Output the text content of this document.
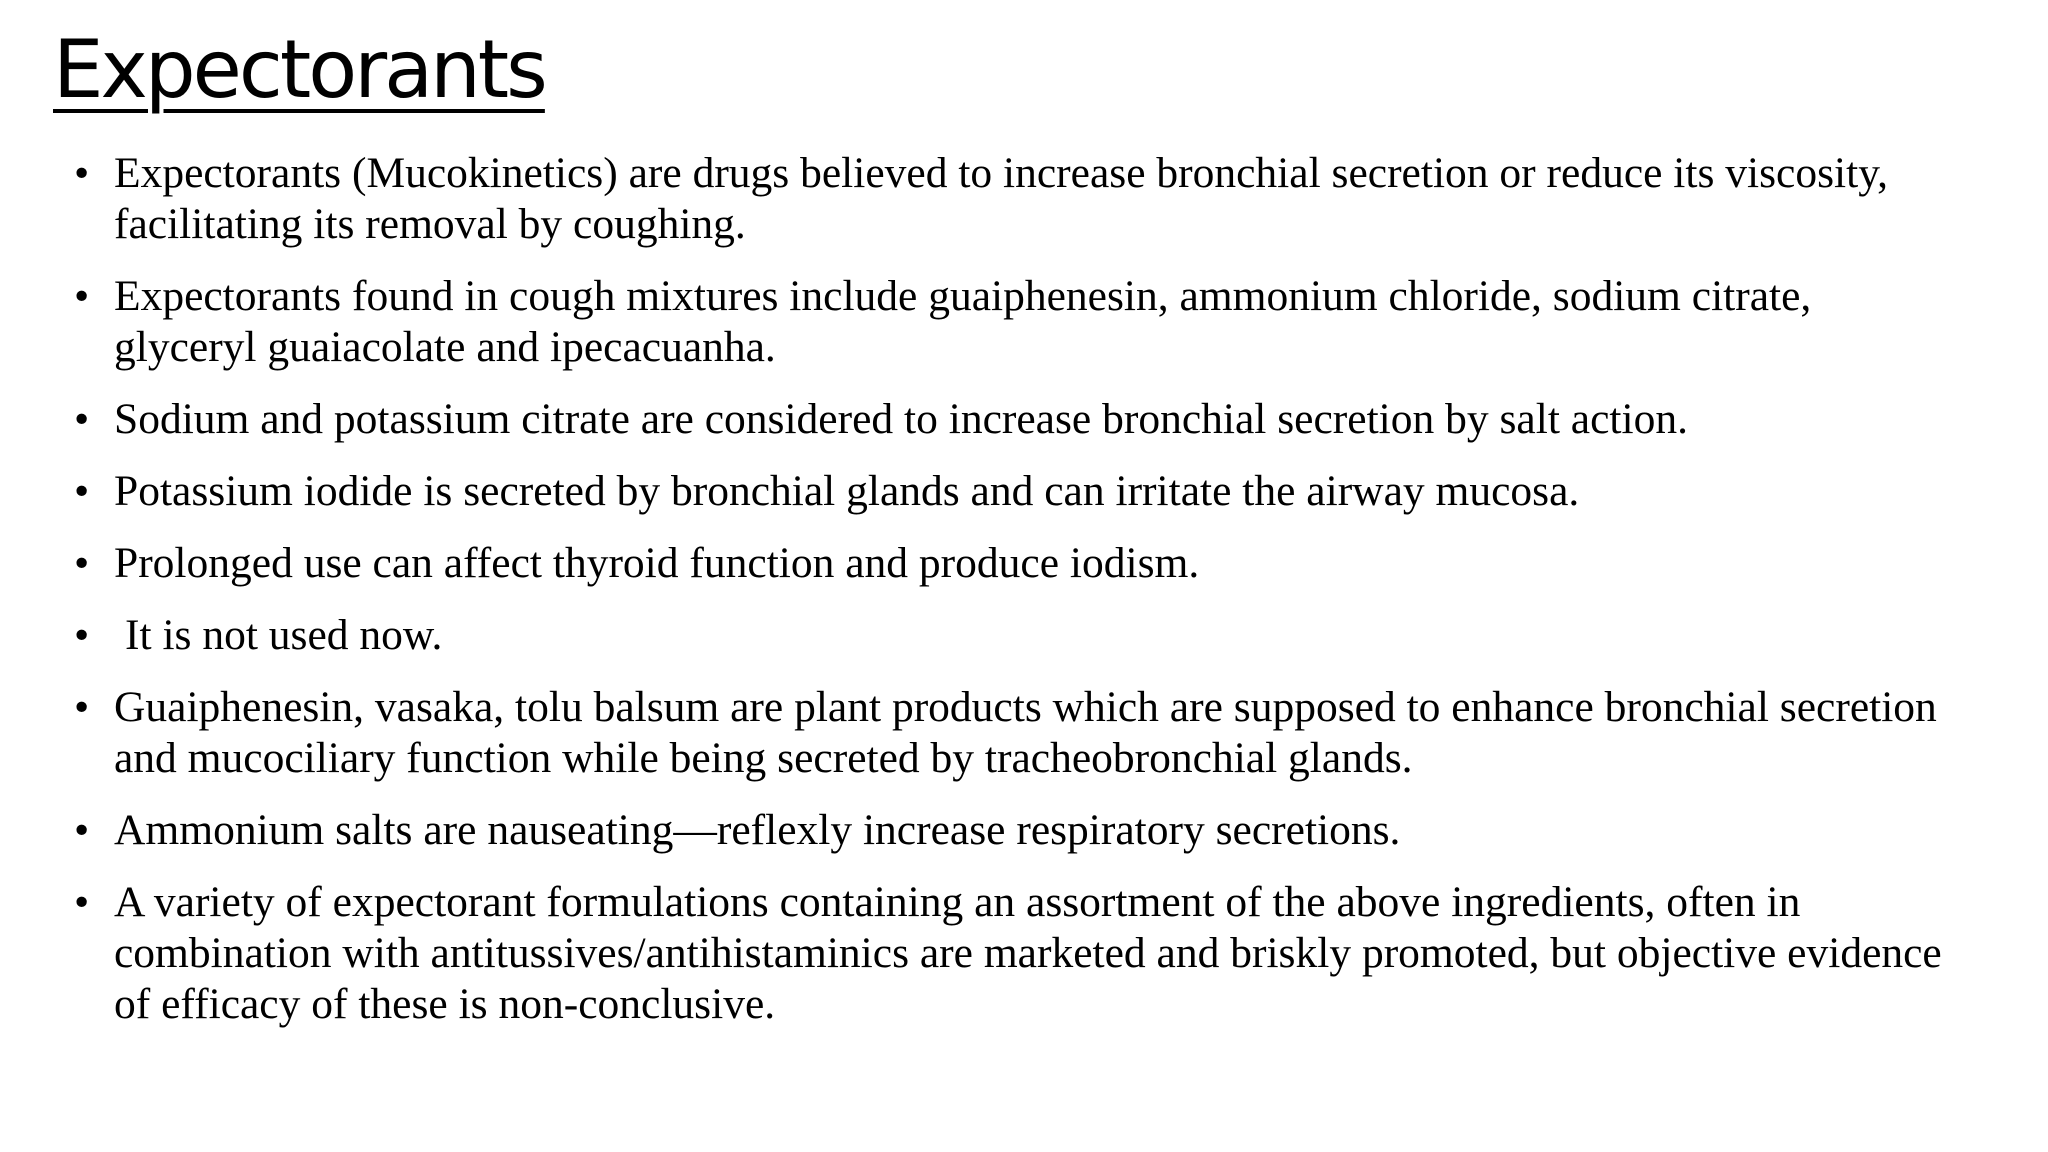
Expectorants
• Expectorants (Mucokinetics) are drugs believed to increase bronchial secretion or reduce its viscosity, facilitating its removal by coughing.
• Expectorants found in cough mixtures include guaiphenesin, ammonium chloride, sodium citrate, glyceryl guaiacolate and ipecacuanha.
• Sodium and potassium citrate are considered to increase bronchial secretion by salt action.
• Potassium iodide is secreted by bronchial glands and can irritate the airway mucosa.
• Prolonged use can affect thyroid function and produce iodism.
• It is not used now.
• Guaiphenesin, vasaka, tolu balsum are plant products which are supposed to enhance bronchial secretion and mucociliary function while being secreted by tracheobronchial glands.
• Ammonium salts are nauseating—reflexly increase respiratory secretions.
• A variety of expectorant formulations containing an assortment of the above ingredients, often in combination with antitussives/antihistaminics are marketed and briskly promoted, but objective evidence of efficacy of these is non-conclusive.
